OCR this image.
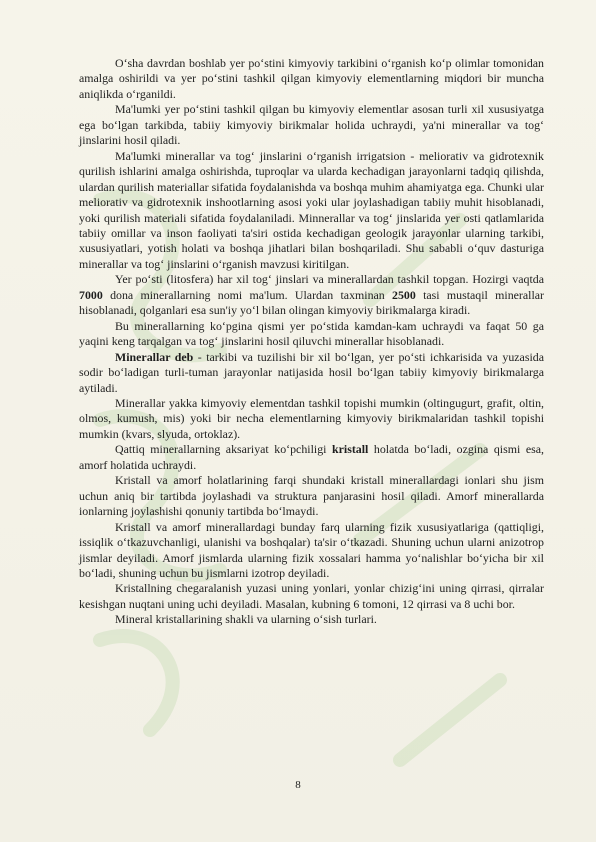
O‘sha davrdan boshlab yer po‘stini kimyoviy tarkibini o‘rganish ko‘p olimlar tomonidan amalga oshirildi va yer po‘stini tashkil qilgan kimyoviy elementlarning miqdori bir muncha aniqlikda o‘rganildi.

Ma'lumki yer po‘stini tashkil qilgan bu kimyoviy elementlar asosan turli xil xususiyatga ega bo‘lgan tarkibda, tabiiy kimyoviy birikmalar holida uchraydi, ya'ni minerallar va tog‘ jinslarini hosil qiladi.

Ma'lumki minerallar va tog‘ jinslarini o‘rganish irrigatsion - meliorativ va gidrotexnik qurilish ishlarini amalga oshirishda, tuproqlar va ularda kechadigan jarayonlarni tadqiq qilishda, ulardan qurilish materiallar sifatida foydalanishda va boshqa muhim ahamiyatga ega. Chunki ular meliorativ va gidrotexnik inshootlarning asosi yoki ular joylashadigan tabiiy muhit hisoblanadi, yoki qurilish materiali sifatida foydalaniladi. Minnerallar va tog‘ jinslarida yer osti qatlamlarida tabiiy omillar va inson faoliyati ta'siri ostida kechadigan geologik jarayonlar ularning tarkibi, xususiyatlari, yotish holati va boshqa jihatlari bilan boshqariladi. Shu sababli o‘quv dasturiga minerallar va tog‘ jinslarini o‘rganish mavzusi kiritilgan.

Yer po‘sti (litosfera) har xil tog‘ jinslari va minerallardan tashkil topgan. Hozirgi vaqtda 7000 dona minerallarning nomi ma'lum. Ulardan taxminan 2500 tasi mustaqil minerallar hisoblanadi, qolganlari esa sun'iy yo‘l bilan olingan kimyoviy birikmalarga kiradi.

Bu minerallarning ko‘pgina qismi yer po‘stida kamdan-kam uchraydi va faqat 50 ga yaqini keng tarqalgan va tog‘ jinslarini hosil qiluvchi minerallar hisoblanadi.

Minerallar deb - tarkibi va tuzilishi bir xil bo‘lgan, yer po‘sti ichkarisida va yuzasida sodir bo‘ladigan turli-tuman jarayonlar natijasida hosil bo‘lgan tabiiy kimyoviy birikmalarga aytiladi.

Minerallar yakka kimyoviy elementdan tashkil topishi mumkin (oltingugurt, grafit, oltin, olmos, kumush, mis) yoki bir necha elementlarning kimyoviy birikmalaridan tashkil topishi mumkin (kvars, slyuda, ortoklaz).

Qattiq minerallarning aksariyat ko‘pchiligi kristall holatda bo‘ladi, ozgina qismi esa, amorf holatida uchraydi.

Kristall va amorf holatlarining farqi shundaki kristall minerallardagi ionlari shu jism uchun aniq bir tartibda joylashadi va struktura panjarasini hosil qiladi. Amorf minerallarda ionlarning joylashishi qonuniy tartibda bo‘lmaydi.

Kristall va amorf minerallardagi bunday farq ularning fizik xususiyatlariga (qattiqligi, issiqlik o‘tkazuvchanligi, ulanishi va boshqalar) ta'sir o‘tkazadi. Shuning uchun ularni anizotrop jismlar deyiladi. Amorf jismlarda ularning fizik xossalari hamma yo‘nalishlar bo‘yicha bir xil bo‘ladi, shuning uchun bu jismlarni izotrop deyiladi.

Kristallning chegaralanish yuzasi uning yonlari, yonlar chizig‘ini uning qirrasi, qirralar kesishgan nuqtani uning uchi deyiladi. Masalan, kubning 6 tomoni, 12 qirrasi va 8 uchi bor.

Mineral kristallarining shakli va ularning o‘sish turlari.

8
